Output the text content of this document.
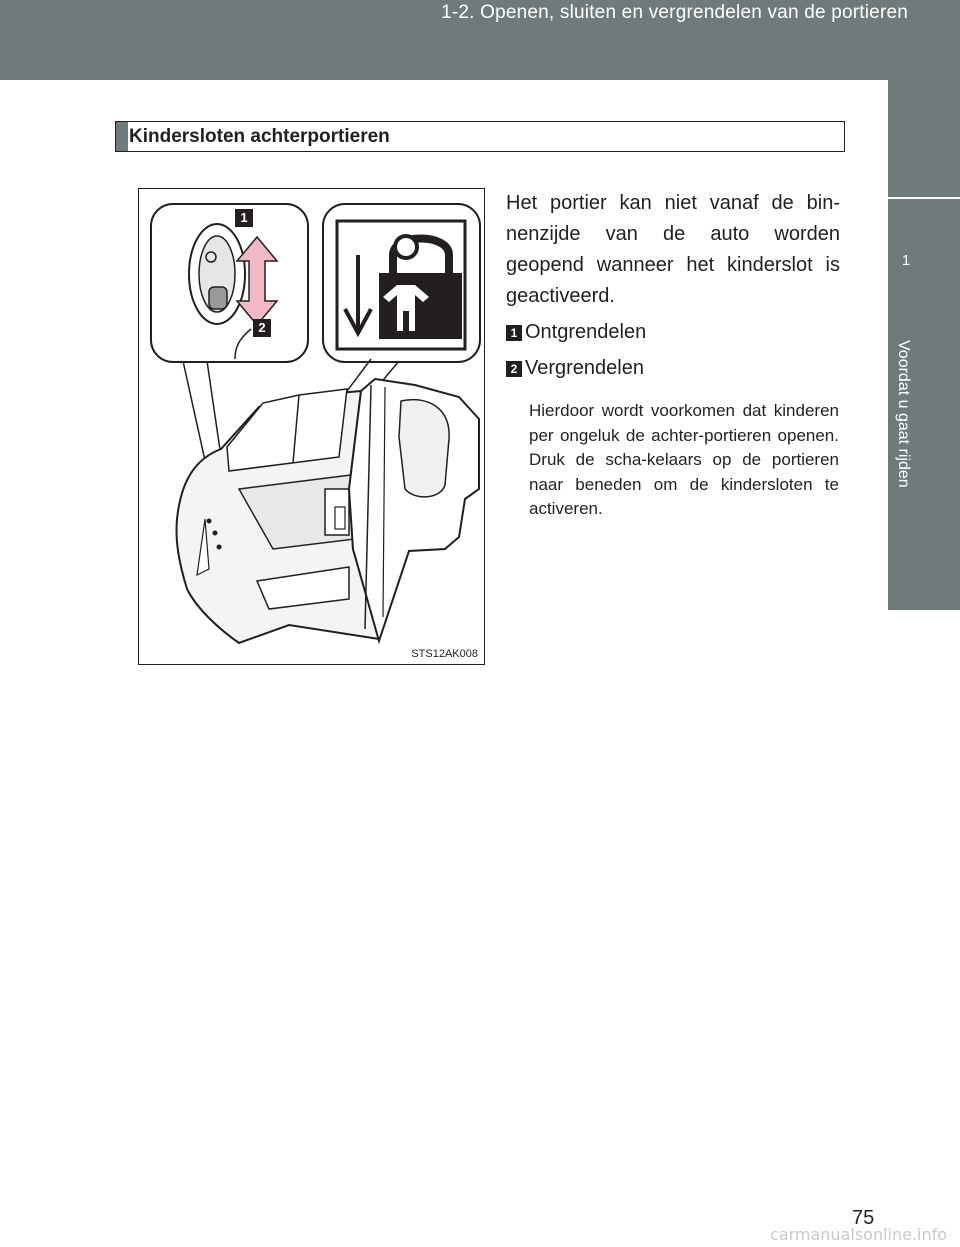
1-2. Openen, sluiten en vergrendelen van de portieren
1
Voordat u gaat rijden
Kindersloten achterportieren
1
2
STS12AK008
Het portier kan niet vanaf de bin-nenzijde van de auto worden geopend wanneer het kinderslot is geactiveerd.
1 Ontgrendelen
2 Vergrendelen
Hierdoor wordt voorkomen dat kinderen per ongeluk de achter-portieren openen. Druk de scha-kelaars op de portieren naar beneden om de kindersloten te activeren.
75
carmanualsonline.info
